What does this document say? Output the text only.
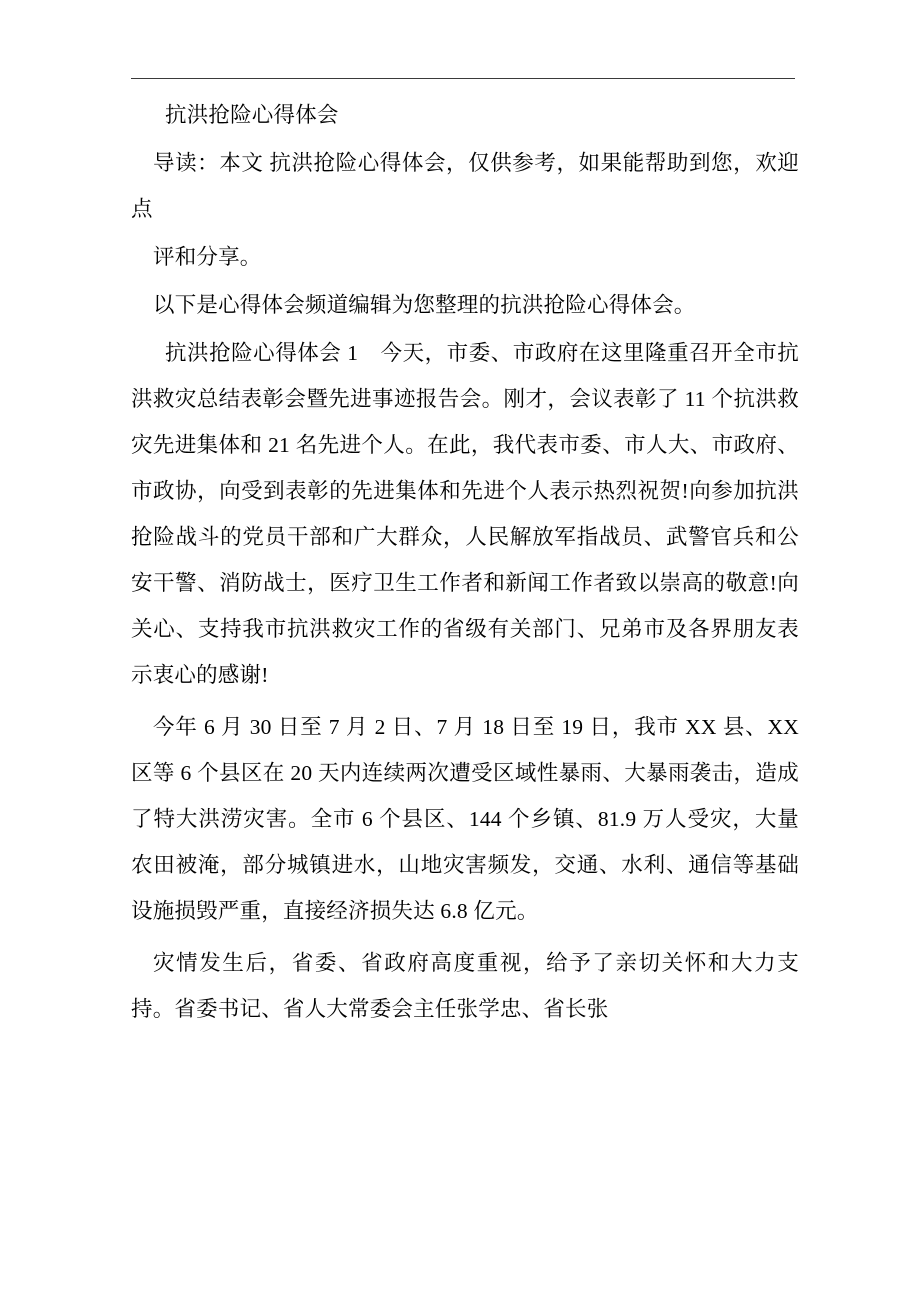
抗洪抢险心得体会

导读：本文 抗洪抢险心得体会，仅供参考，如果能帮助到您，欢迎点

评和分享。

以下是心得体会频道编辑为您整理的抗洪抢险心得体会。

抗洪抢险心得体会 1　今天，市委、市政府在这里隆重召开全市抗洪救灾总结表彰会暨先进事迹报告会。刚才，会议表彰了 11 个抗洪救灾先进集体和 21 名先进个人。在此，我代表市委、市人大、市政府、市政协，向受到表彰的先进集体和先进个人表示热烈祝贺!向参加抗洪抢险战斗的党员干部和广大群众，人民解放军指战员、武警官兵和公安干警、消防战士，医疗卫生工作者和新闻工作者致以崇高的敬意!向关心、支持我市抗洪救灾工作的省级有关部门、兄弟市及各界朋友表示衷心的感谢!

今年 6 月 30 日至 7 月 2 日、7 月 18 日至 19 日，我市 XX 县、XX 区等 6 个县区在 20 天内连续两次遭受区域性暴雨、大暴雨袭击，造成了特大洪涝灾害。全市 6 个县区、144 个乡镇、81.9 万人受灾，大量农田被淹，部分城镇进水，山地灾害频发，交通、水利、通信等基础设施损毁严重，直接经济损失达 6.8 亿元。

灾情发生后，省委、省政府高度重视，给予了亲切关怀和大力支持。省委书记、省人大常委会主任张学忠、省长张
